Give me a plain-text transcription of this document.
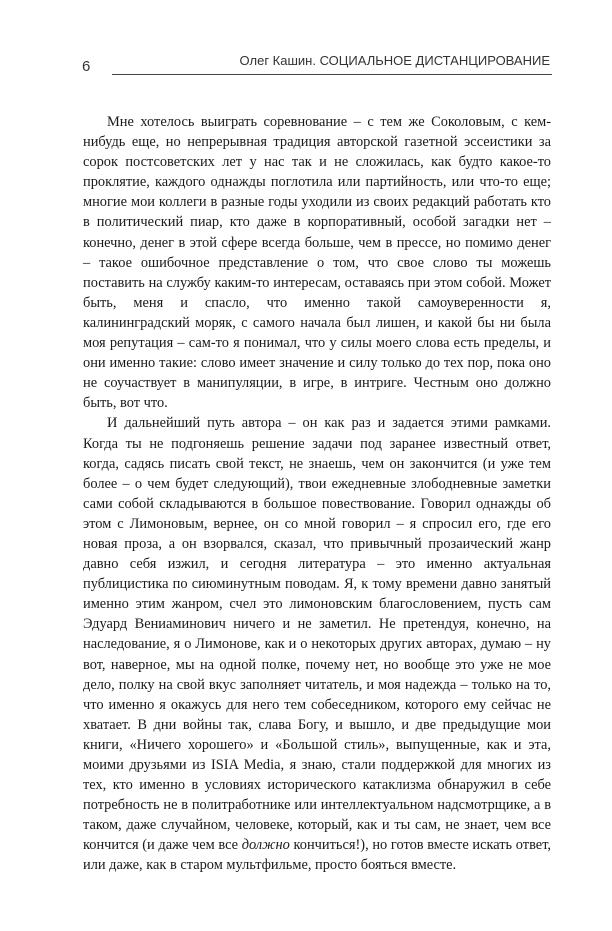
6	Олег Кашин. СОЦИАЛЬНОЕ ДИСТАНЦИРОВАНИЕ

Мне хотелось выиграть соревнование – с тем же Соколовым, с кем-нибудь еще, но непрерывная традиция авторской газетной эссеистики за сорок постсоветских лет у нас так и не сложилась, как будто какое-то проклятие, каждого однажды поглотила или партийность, или что-то еще; многие мои коллеги в разные годы уходили из своих редакций работать кто в политический пиар, кто даже в корпоративный, особой загадки нет – конечно, денег в этой сфере всегда больше, чем в прессе, но помимо денег – такое ошибочное представление о том, что свое слово ты можешь поставить на службу каким-то интересам, оставаясь при этом собой. Может быть, меня и спасло, что именно такой самоуверенности я, калининградский моряк, с самого начала был лишен, и какой бы ни была моя репутация – сам-то я понимал, что у силы моего слова есть пределы, и они именно такие: слово имеет значение и силу только до тех пор, пока оно не соучаствует в манипуляции, в игре, в интриге. Честным оно должно быть, вот что.

И дальнейший путь автора – он как раз и задается этими рамками. Когда ты не подгоняешь решение задачи под заранее известный ответ, когда, садясь писать свой текст, не знаешь, чем он закончится (и уже тем более – о чем будет следующий), твои ежедневные злободневные заметки сами собой складываются в большое повествование. Говорил однажды об этом с Лимоновым, вернее, он со мной говорил – я спросил его, где его новая проза, а он взорвался, сказал, что привычный прозаический жанр давно себя изжил, и сегодня литература – это именно актуальная публицистика по сиюминутным поводам. Я, к тому времени давно занятый именно этим жанром, счел это лимоновским благословением, пусть сам Эдуард Вениаминович ничего и не заметил. Не претендуя, конечно, на наследование, я о Лимонове, как и о некоторых других авторах, думаю – ну вот, наверное, мы на одной полке, почему нет, но вообще это уже не мое дело, полку на свой вкус заполняет читатель, и моя надежда – только на то, что именно я окажусь для него тем собеседником, которого ему сейчас не хватает. В дни войны так, слава Богу, и вышло, и две предыдущие мои книги, «Ничего хорошего» и «Большой стиль», выпущенные, как и эта, моими друзьями из ISIA Media, я знаю, стали поддержкой для многих из тех, кто именно в условиях исторического катаклизма обнаружил в себе потребность не в политработнике или интеллектуальном надсмотрщике, а в таком, даже случайном, человеке, который, как и ты сам, не знает, чем все кончится (и даже чем все должно кончиться!), но готов вместе искать ответ, или даже, как в старом мультфильме, просто бояться вместе.
